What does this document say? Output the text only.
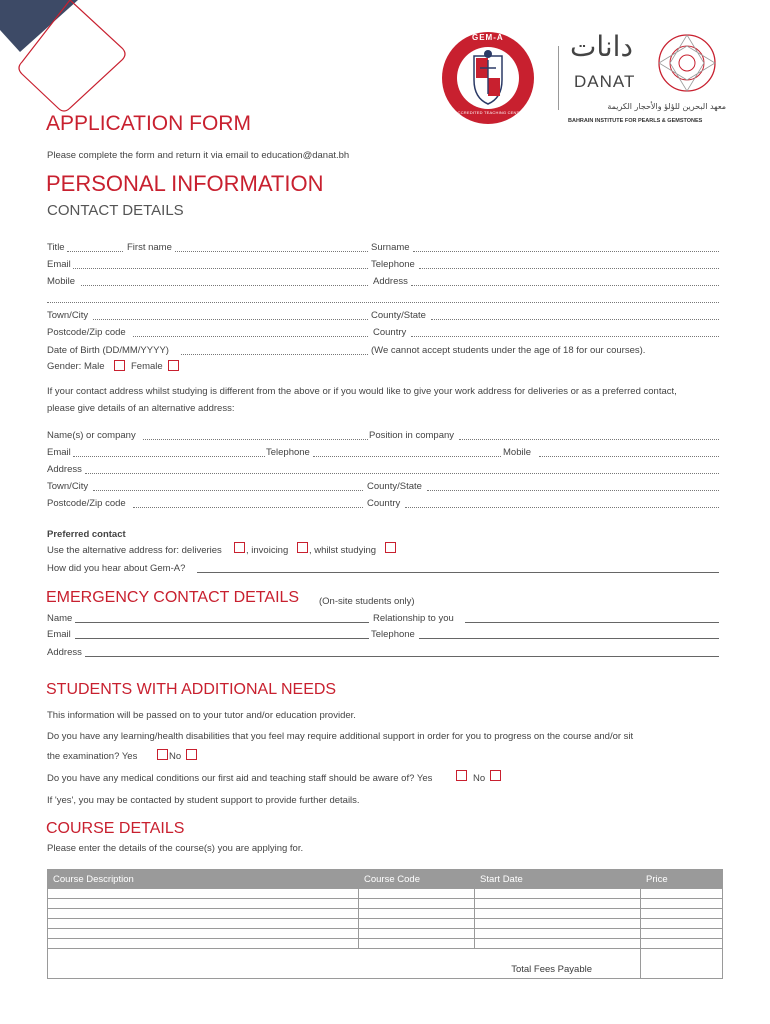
GEM-A
ACCREDITED TEACHING CENTRE
دانات
DANAT
معهد البحرين للؤلؤ والأحجار الكريمة
BAHRAIN INSTITUTE FOR PEARLS & GEMSTONES
APPLICATION FORM
Please complete the form and return it via email to education@danat.bh
PERSONAL INFORMATION
CONTACT DETAILS
Title	First name	Surname
Email	Telephone
Mobile	Address
Town/City	County/State
Postcode/Zip code	Country
Date of Birth (DD/MM/YYYY)	(We cannot accept students under the age of 18 for our courses).
Gender: Male	Female
If your contact address whilst studying is different from the above or if you would like to give your work address for deliveries or as a preferred contact,
please give details of an alternative address:
Name(s) or company	Position in company
Email	Telephone	Mobile
Address
Town/City	County/State
Postcode/Zip code	Country
Preferred contact
Use the alternative address for: deliveries	, invoicing , whilst studying
How did you hear about Gem-A?
EMERGENCY CONTACT DETAILS (On-site students only)
Name	Relationship to you
Email	Telephone
Address
STUDENTS WITH ADDITIONAL NEEDS
This information will be passed on to your tutor and/or education provider.
Do you have any learning/health disabilities that you feel may require additional support in order for you to progress on the course and/or sit
the examination? Yes	No
Do you have any medical conditions our first aid and teaching staff should be aware of? Yes	No
If 'yes', you may be contacted by student support to provide further details.
COURSE DETAILS
Please enter the details of the course(s) you are applying for.
Course Description	Course Code	Start Date	Price

Total Fees Payable			
